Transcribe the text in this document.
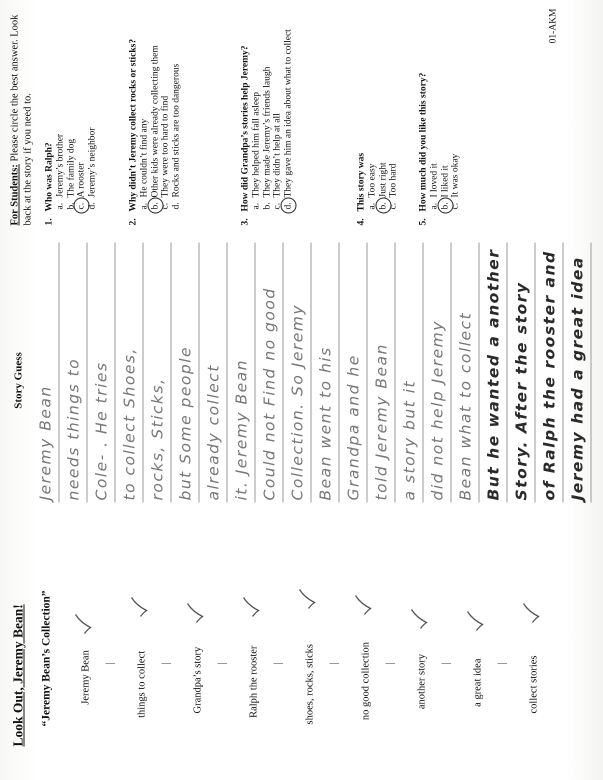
Look Out, Jeremy Bean! “Jeremy Bean’s Collection”	Jeremy Bean | things to collect | Grandpa’s story | Ralph the rooster | shoes, rocks, sticks | no good collection | another story | a great idea | collect stories
Story Guess
Jeremy Bean needs things to Cole- . He tries to collect Shoes, rocks, Sticks, but Some people already collect it. Jeremy Bean Could not Find no good Collection. So Jeremy Bean went to his Grandpa and he told Jeremy Bean a story but it did not help Jeremy Bean what to collect But he wanted a another Story. After the story of Ralph the rooster and Jeremy had a great idea
For Students: Please circle the best answer. Look back at the story if you need to. 1.Who was Ralph? a.
Jeremy’s brother
b.
The family dog
c.
A rooster
d.
Jeremy’s neighbor
2.Why didn’t Jeremy collect rocks or sticks? a.
He couldn’t find any
b.
Other kids were already collecting them
c.
They were too hard to find
d.
Rocks and sticks are too dangerous
3.How did Grandpa’s stories help Jeremy? a.
They helped him fall asleep
b.
They made Jeremy’s friends laugh
c.
They didn’t help at all
d.
They gave him an idea about what to collect
4.This story was a.
Too easy
b.
Just right
c.
Too hard
5.How much did you like this story? a.
I loved it
b.
I liked it
c.
It was okay
01-AKM
